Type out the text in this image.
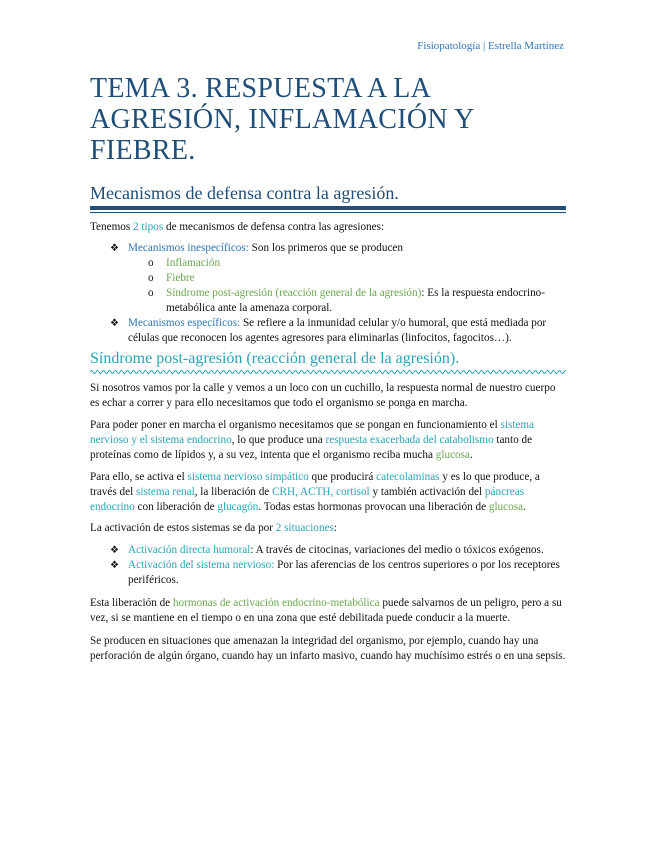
Fisiopatología | Estrella Martínez
TEMA 3. RESPUESTA A LA AGRESIÓN, INFLAMACIÓN Y FIEBRE.
Mecanismos de defensa contra la agresión.

Tenemos 2 tipos de mecanismos de defensa contra las agresiones:

❖ Mecanismos inespecíficos: Son los primeros que se producen
o Inflamación
o Fiebre
o Síndrome post-agresión (reacción general de la agresión): Es la respuesta endocrino-metabólica ante la amenaza corporal.
❖ Mecanismos específicos: Se refiere a la inmunidad celular y/o humoral, que está mediada por células que reconocen los agentes agresores para eliminarlas (linfocitos, fagocitos…).
Síndrome post-agresión (reacción general de la agresión).

Si nosotros vamos por la calle y vemos a un loco con un cuchillo, la respuesta normal de nuestro cuerpo es echar a correr y para ello necesitamos que todo el organismo se ponga en marcha.

Para poder poner en marcha el organismo necesitamos que se pongan en funcionamiento el sistema nervioso y el sistema endocrino, lo que produce una respuesta exacerbada del catabolismo tanto de proteínas como de lípidos y, a su vez, intenta que el organismo reciba mucha glucosa.

Para ello, se activa el sistema nervioso simpático que producirá catecolaminas y es lo que produce, a través del sistema renal, la liberación de CRH, ACTH, cortisol y también activación del páncreas endocrino con liberación de glucagón. Todas estas hormonas provocan una liberación de glucosa.

La activación de estos sistemas se da por 2 situaciones:

❖ Activación directa humoral: A través de citocinas, variaciones del medio o tóxicos exógenos.
❖ Activación del sistema nervioso: Por las aferencias de los centros superiores o por los receptores periféricos.

Esta liberación de hormonas de activación endocrino-metabólica puede salvarnos de un peligro, pero a su vez, si se mantiene en el tiempo o en una zona que esté debilitada puede conducir a la muerte.

Se producen en situaciones que amenazan la integridad del organismo, por ejemplo, cuando hay una perforación de algún órgano, cuando hay un infarto masivo, cuando hay muchísimo estrés o en una sepsis.
